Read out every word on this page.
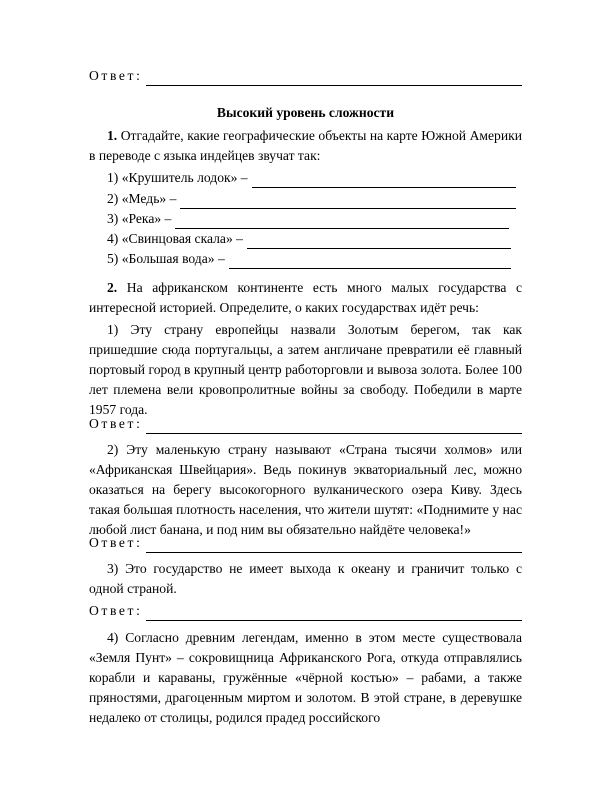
Ответ:
Высокий уровень сложности

1. Отгадайте, какие географические объекты на карте Южной Америки в переводе с языка индейцев звучат так:

1) «Крушитель лодок» –
2) «Медь» –
3) «Река» –
4) «Свинцовая скала» –
5) «Большая вода» –

2. На африканском континенте есть много малых государства с интересной историей. Определите, о каких государствах идёт речь:

1) Эту страну европейцы назвали Золотым берегом, так как пришедшие сюда португальцы, а затем англичане превратили её главный портовый город в крупный центр работорговли и вывоза золота. Более 100 лет племена вели кровопролитные войны за свободу. Победили в марте 1957 года.

Ответ:

2) Эту маленькую страну называют «Страна тысячи холмов» или «Африканская Швейцария». Ведь покинув экваториальный лес, можно оказаться на берегу высокогорного вулканического озера Киву. Здесь такая большая плотность населения, что жители шутят: «Поднимите у нас любой лист банана, и под ним вы обязательно найдёте человека!»

Ответ:

3) Это государство не имеет выхода к океану и граничит только с одной страной.

Ответ:

4) Согласно древним легендам, именно в этом месте существовала «Земля Пунт» – сокровищница Африканского Рога, откуда отправлялись корабли и караваны, гружённые «чёрной костью» – рабами, а также пряностями, драгоценным миртом и золотом. В этой стране, в деревушке недалеко от столицы, родился прадед российского
